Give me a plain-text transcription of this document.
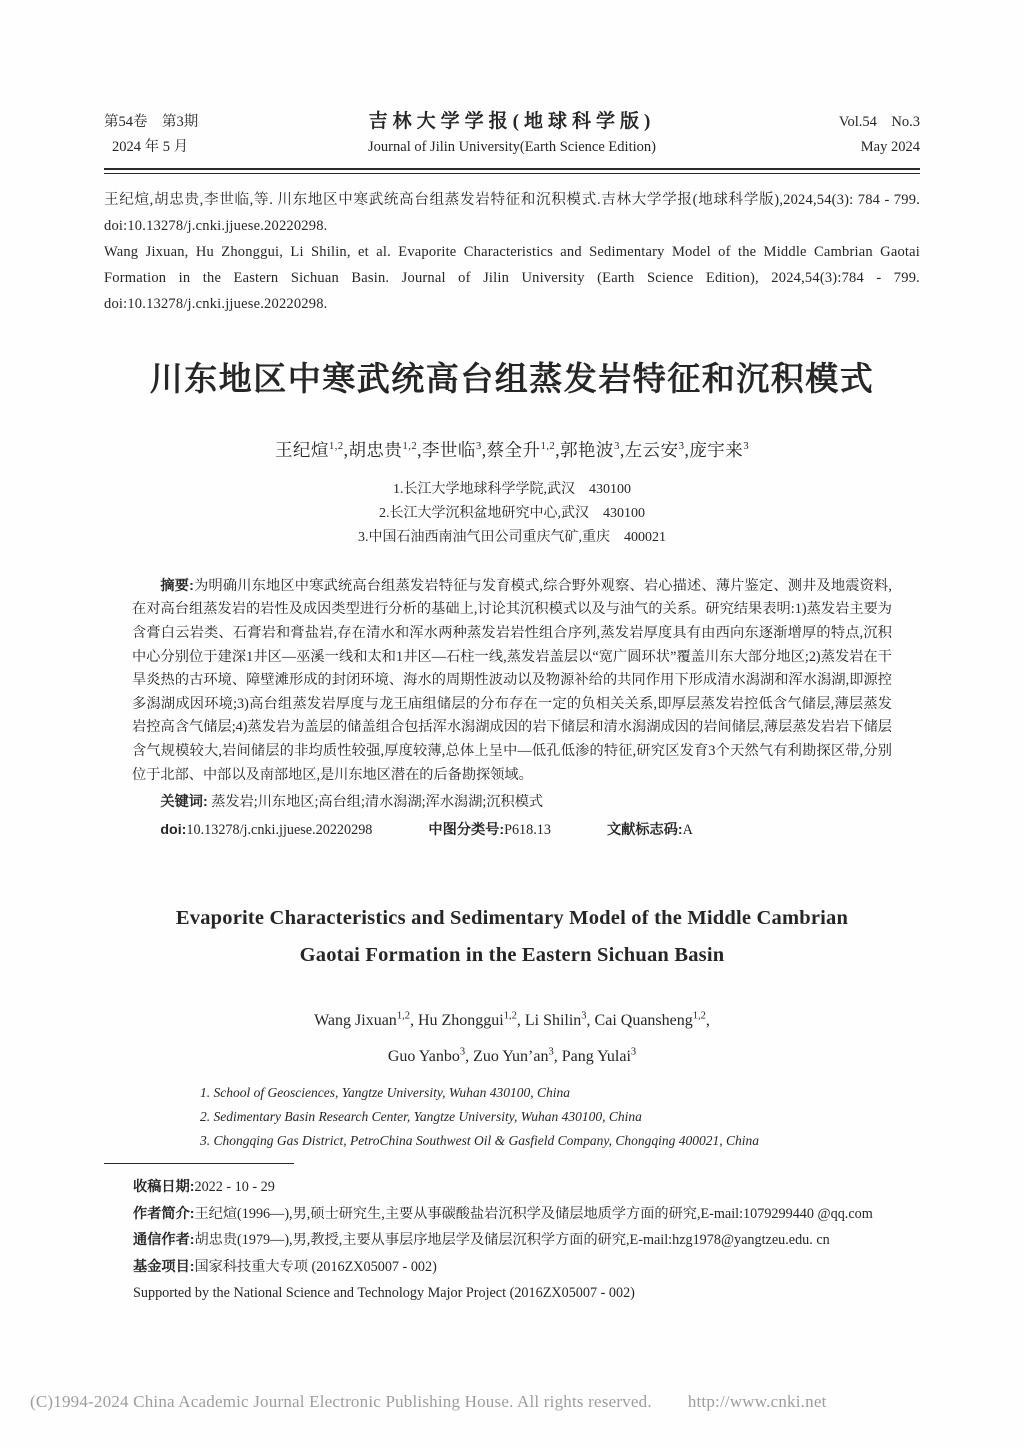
第54卷　第3期
2024 年 5 月
吉林大学学报(地球科学版)
Journal of Jilin University(Earth Science Edition)
Vol.54　No.3
May 2024

王纪煊,胡忠贵,李世临,等. 川东地区中寒武统高台组蒸发岩特征和沉积模式.吉林大学学报(地球科学版),2024,54(3): 784 - 799. doi:10.13278/j.cnki.jjuese.20220298.

Wang Jixuan, Hu Zhonggui, Li Shilin, et al. Evaporite Characteristics and Sedimentary Model of the Middle Cambrian Gaotai Formation in the Eastern Sichuan Basin. Journal of Jilin University (Earth Science Edition), 2024,54(3):784 - 799. doi:10.13278/j.cnki.jjuese.20220298.

川东地区中寒武统高台组蒸发岩特征和沉积模式
王纪煊$^{1,2}$,胡忠贵$^{1,2}$,李世临$^3$,蔡全升$^{1,2}$,郭艳波$^3$,左云安$^3$,庞宇来$^3$
1.长江大学地球科学学院,武汉　430100
2.长江大学沉积盆地研究中心,武汉　430100
3.中国石油西南油气田公司重庆气矿,重庆　400021

摘要:为明确川东地区中寒武统高台组蒸发岩特征与发育模式,综合野外观察、岩心描述、薄片鉴定、测井及地震资料,在对高台组蒸发岩的岩性及成因类型进行分析的基础上,讨论其沉积模式以及与油气的关系。研究结果表明:1)蒸发岩主要为含膏白云岩类、石膏岩和膏盐岩,存在清水和浑水两种蒸发岩岩性组合序列,蒸发岩厚度具有由西向东逐渐增厚的特点,沉积中心分别位于建深1井区—巫溪一线和太和1井区—石柱一线,蒸发岩盖层以“宽广圆环状”覆盖川东大部分地区;2)蒸发岩在干旱炎热的古环境、障壁滩形成的封闭环境、海水的周期性波动以及物源补给的共同作用下形成清水潟湖和浑水潟湖,即源控多潟湖成因环境;3)高台组蒸发岩厚度与龙王庙组储层的分布存在一定的负相关关系,即厚层蒸发岩控低含气储层,薄层蒸发岩控高含气储层;4)蒸发岩为盖层的储盖组合包括浑水潟湖成因的岩下储层和清水潟湖成因的岩间储层,薄层蒸发岩岩下储层含气规模较大,岩间储层的非均质性较强,厚度较薄,总体上呈中—低孔低渗的特征,研究区发育3个天然气有利勘探区带,分别位于北部、中部以及南部地区,是川东地区潜在的后备勘探领域。

关键词: 蒸发岩;川东地区;高台组;清水潟湖;浑水潟湖;沉积模式

doi:10.13278/j.cnki.jjuese.20220298	中图分类号:P618.13	文献标志码:A

Evaporite Characteristics and Sedimentary Model of the Middle Cambrian
Gaotai Formation in the Eastern Sichuan Basin
Wang Jixuan$^{1,2}$, Hu Zhonggui$^{1,2}$, Li Shilin$^3$, Cai Quansheng$^{1,2}$,
Guo Yanbo$^3$, Zuo $Yun’an^3$, Pang Yulai$^3$
1. School of Geosciences, Yangtze University, Wuhan 430100, China
2. Sedimentary Basin Research Center, Yangtze University, Wuhan 430100, China
3. Chongqing Gas District, PetroChina Southwest Oil & Gasfield Company, Chongqing 400021, China

收稿日期:2022 - 10 - 29

作者简介:王纪煊(1996—),男,硕士研究生,主要从事碳酸盐岩沉积学及储层地质学方面的研究,E-mail:1079299440 @qq.com

通信作者:胡忠贵(1979—),男,教授,主要从事层序地层学及储层沉积学方面的研究,E-mail:hzg1978@yangtzeu.edu. cn

基金项目:国家科技重大专项 (2016ZX05007 - 002)

Supported by the National Science and Technology Major Project (2016ZX05007 - 002)

(C)1994-2024 China Academic Journal Electronic Publishing House. All rights reserved. http://www.cnki.net
